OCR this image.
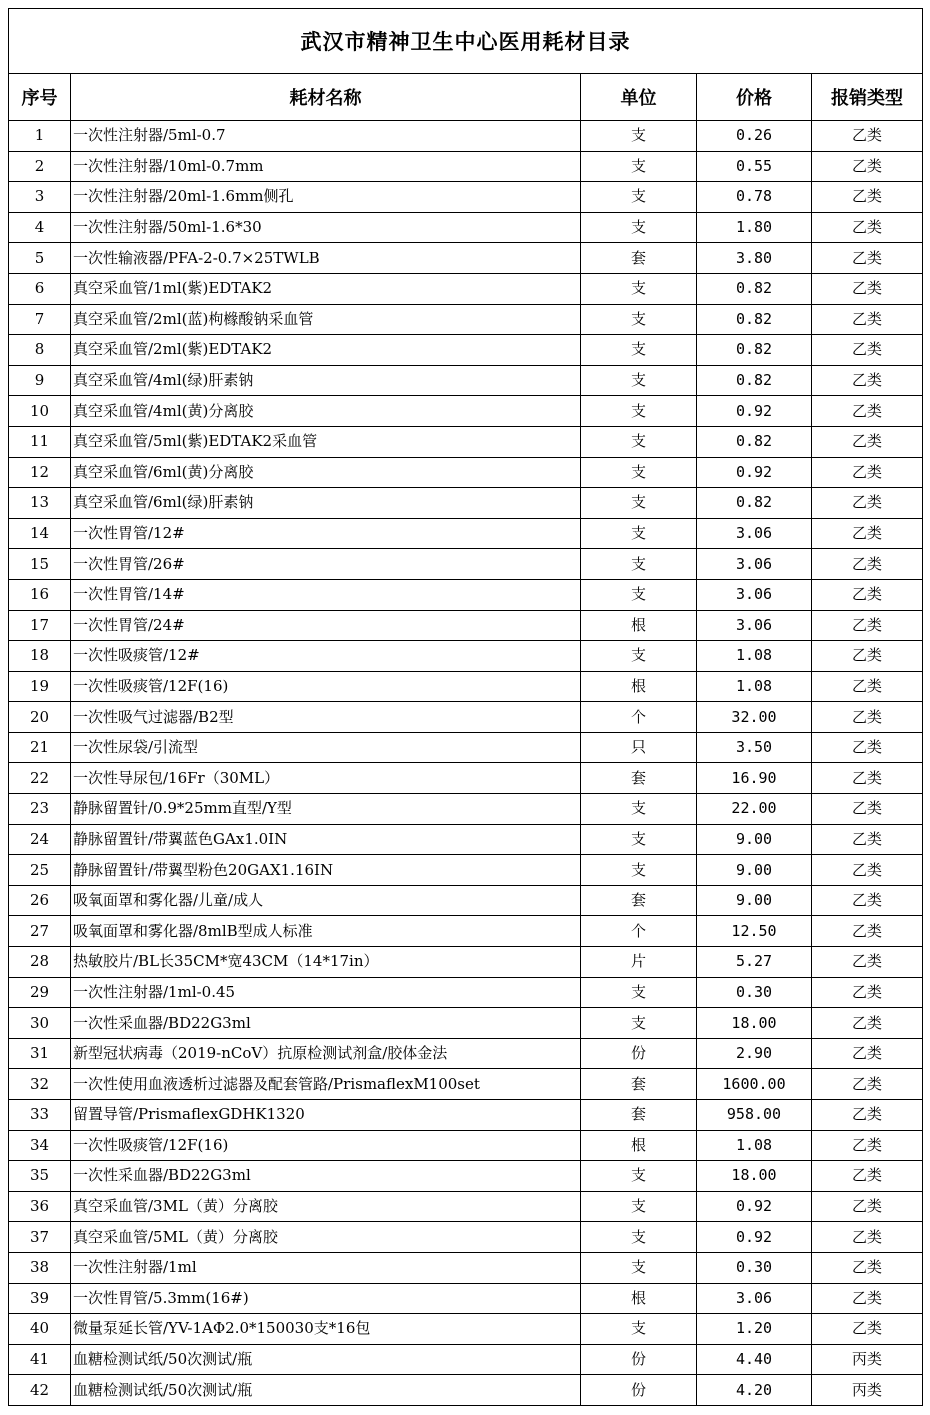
武汉市精神卫生中心医用耗材目录				
序号	耗材名称	单位	价格	报销类型
1	一次性注射器/5ml-0.7	支	0.26	乙类
2	一次性注射器/10ml-0.7mm	支	0.55	乙类
3	一次性注射器/20ml-1.6mm侧孔	支	0.78	乙类
4	一次性注射器/50ml-1.6*30	支	1.80	乙类
5	一次性输液器/PFA-2-0.7×25TWLB	套	3.80	乙类
6	真空采血管/1ml(紫)EDTAK2	支	0.82	乙类
7	真空采血管/2ml(蓝)枸橼酸钠采血管	支	0.82	乙类
8	真空采血管/2ml(紫)EDTAK2	支	0.82	乙类
9	真空采血管/4ml(绿)肝素钠	支	0.82	乙类
10	真空采血管/4ml(黄)分离胶	支	0.92	乙类
11	真空采血管/5ml(紫)EDTAK2采血管	支	0.82	乙类
12	真空采血管/6ml(黄)分离胶	支	0.92	乙类
13	真空采血管/6ml(绿)肝素钠	支	0.82	乙类
14	一次性胃管/12#	支	3.06	乙类
15	一次性胃管/26#	支	3.06	乙类
16	一次性胃管/14#	支	3.06	乙类
17	一次性胃管/24#	根	3.06	乙类
18	一次性吸痰管/12#	支	1.08	乙类
19	一次性吸痰管/12F(16)	根	1.08	乙类
20	一次性吸气过滤器/B2型	个	32.00	乙类
21	一次性尿袋/引流型	只	3.50	乙类
22	一次性导尿包/16Fr（30ML）	套	16.90	乙类
23	静脉留置针/0.9*25mm直型/Y型	支	22.00	乙类
24	静脉留置针/带翼蓝色GAx1.0IN	支	9.00	乙类
25	静脉留置针/带翼型粉色20GAX1.16IN	支	9.00	乙类
26	吸氧面罩和雾化器/儿童/成人	套	9.00	乙类
27	吸氧面罩和雾化器/8mlB型成人标准	个	12.50	乙类
28	热敏胶片/BL长35CM*宽43CM（14*17in）	片	5.27	乙类
29	一次性注射器/1ml-0.45	支	0.30	乙类
30	一次性采血器/BD22G3ml	支	18.00	乙类
31	新型冠状病毒（2019-nCoV）抗原检测试剂盒/胶体金法	份	2.90	乙类
32	一次性使用血液透析过滤器及配套管路/PrismaflexM100set	套	1600.00	乙类
33	留置导管/PrismaflexGDHK1320	套	958.00	乙类
34	一次性吸痰管/12F(16)	根	1.08	乙类
35	一次性采血器/BD22G3ml	支	18.00	乙类
36	真空采血管/3ML（黄）分离胶	支	0.92	乙类
37	真空采血管/5ML（黄）分离胶	支	0.92	乙类
38	一次性注射器/1ml	支	0.30	乙类
39	一次性胃管/5.3mm(16#)	根	3.06	乙类
40	微量泵延长管/YV-1AΦ2.0*150030支*16包	支	1.20	乙类
41	血糖检测试纸/50次测试/瓶	份	4.40	丙类
42	血糖检测试纸/50次测试/瓶	份	4.20	丙类
